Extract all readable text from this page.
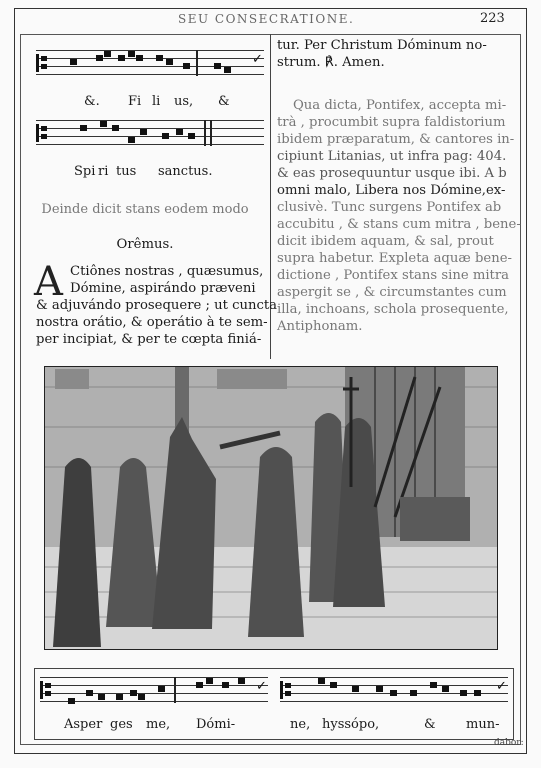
SEU CONSECRATIONE.	223
✓
&. Fi li us, &
Spi ri tus sanctus.
Deinde dicit stans eodem modo
Orêmus.
A Ctiônes nostras , quæsumus,
Dómine, aspirándo præveni
& adjuvándo prosequere ; ut cuncta
nostra orátio, & operátio à te sem-
per incipiat, & per te cœpta finiá-
tur. Per Christum Dóminum no-
strum. ℟. Amen.
Qua dicta, Pontifex, accepta mi-
trà , procumbit supra faldistorium
ibidem præparatum, & cantores in-
cipiunt Litanias, ut infra pag: 404.
& eas prosequuntur usque ibi. A b
omni malo, Libera nos Dómine,ex-
clusivè. Tunc surgens Pontifex ab
accubitu , & stans cum mitra , bene-
dicit ibidem aquam, & sal, prout
supra habetur. Expleta aquæ bene-
dictione , Pontifex stans sine mitra
aspergit se , & circumstantes cum
illa, inchoans, schola prosequente,
Antiphonam.
✓	✓
Asper ges me, Dómi-	ne, hyssópo,	& mun-
dabor:
